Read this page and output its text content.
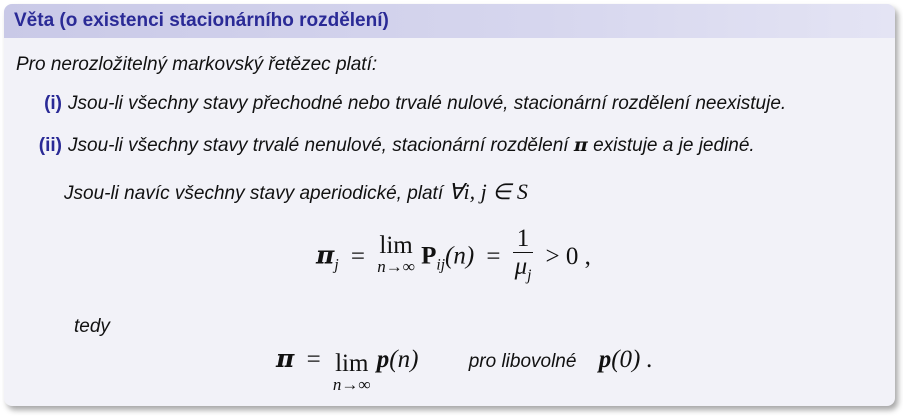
Věta (o existenci stacionárního rozdělení)
Pro nerozložitelný markovský řetězec platí:
(i) Jsou-li všechny stavy přechodné nebo trvalé nulové, stacionární rozdělení neexistuje.
(ii) Jsou-li všechny stavy trvalé nenulové, stacionární rozdělení π existuje a je jediné.
Jsou-li navíc všechny stavy aperiodické, platí ∀i, j ∈ S
$\pi_j = \lim$
n→∞ $P_{ij}(n) = \frac{1}{\mu_j} > 0$ ,
tedy
π = lim
n→∞
p(n)	pro libovolné p(0) .
